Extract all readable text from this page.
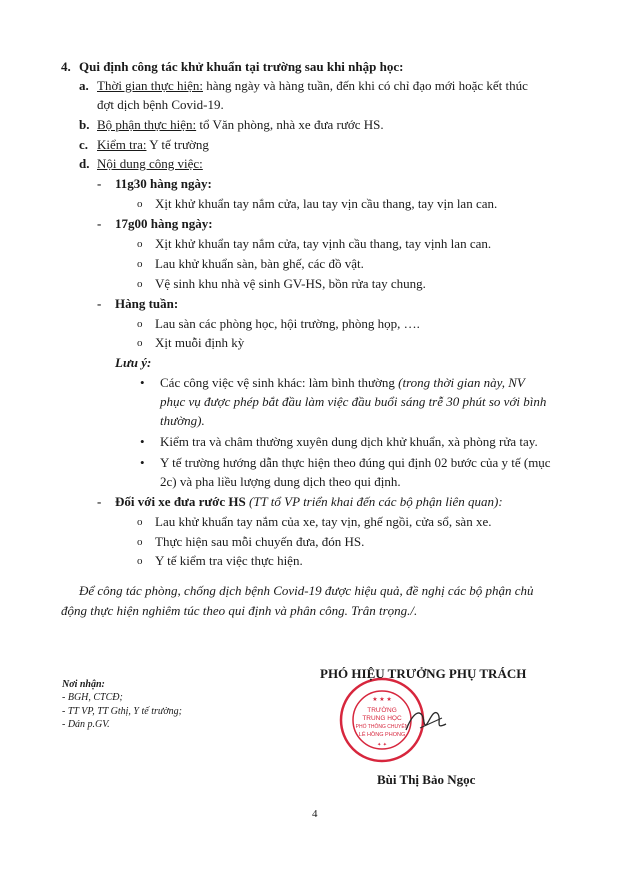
4. Qui định công tác khử khuẩn tại trường sau khi nhập học:
a. Thời gian thực hiện: hàng ngày và hàng tuần, đến khi có chỉ đạo mới hoặc kết thúc
đợt dịch bệnh Covid-19.
b. Bộ phận thực hiện: tổ Văn phòng, nhà xe đưa rước HS.
c. Kiểm tra: Y tế trường
d. Nội dung công việc:
- 11g30 hàng ngày:
o Xịt khử khuẩn tay nắm cửa, lau tay vịn cầu thang, tay vịn lan can.
- 17g00 hàng ngày:
o Xịt khử khuẩn tay nắm cửa, tay vịnh cầu thang, tay vịnh lan can.
o Lau khử khuẩn sàn, bàn ghế, các đồ vật.
o Vệ sinh khu nhà vệ sinh GV-HS, bồn rửa tay chung.
- Hàng tuần:
o Lau sàn các phòng học, hội trường, phòng họp, ….
o Xịt muỗi định kỳ
Lưu ý:
• Các công việc vệ sinh khác: làm bình thường (trong thời gian này, NV
phục vụ được phép bắt đầu làm việc đầu buổi sáng trễ 30 phút so với bình
thường).
• Kiểm tra và châm thường xuyên dung dịch khử khuẩn, xà phòng rửa tay.
• Y tế trường hướng dẫn thực hiện theo đúng qui định 02 bước của y tế (mục
2c) và pha liều lượng dung dịch theo qui định.
- Đối với xe đưa rước HS (TT tổ VP triển khai đến các bộ phận liên quan):
o Lau khử khuẩn tay nắm của xe, tay vịn, ghế ngồi, cửa sổ, sàn xe.
o Thực hiện sau mỗi chuyến đưa, đón HS.
o Y tế kiểm tra việc thực hiện.
Để công tác phòng, chống dịch bệnh Covid-19 được hiệu quả, đề nghị các bộ phận chủ
động thực hiện nghiêm túc theo qui định và phân công. Trân trọng./.
Nơi nhận:
- BGH, CTCĐ;
- TT VP, TT Gthị, Y tế trường;
- Dán p.GV.
★ ★ ★
TRƯỜNG
TRUNG HỌC
PHỔ THÔNG CHUYÊN
LÊ HỒNG PHONG
✦ ✦
PHÓ HIỆU TRƯỞNG PHỤ TRÁCH
Bùi Thị Bảo Ngọc
4
